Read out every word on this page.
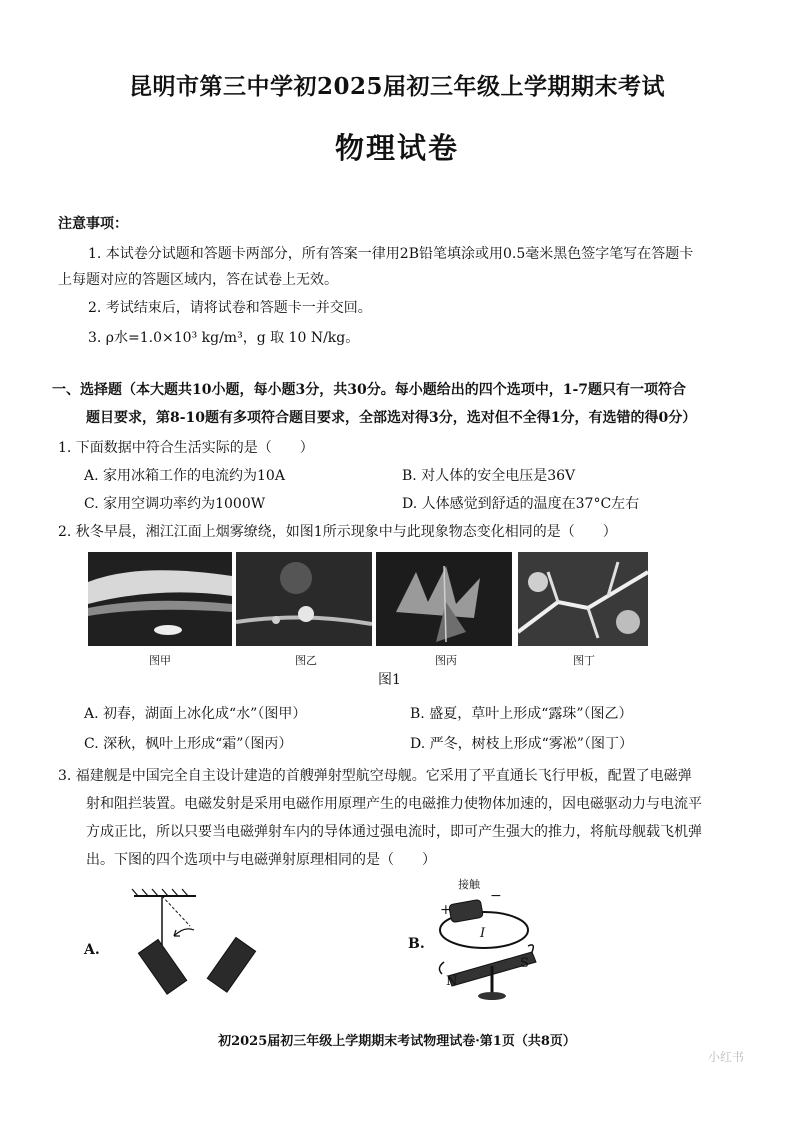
昆明市第三中学初2025届初三年级上学期期末考试
物理试卷
注意事项：
1. 本试卷分试题和答题卡两部分，所有答案一律用2B铅笔填涂或用0.5毫米黑色签字笔写在答题卡
上每题对应的答题区域内，答在试卷上无效。
2. 考试结束后，请将试卷和答题卡一并交回。
3. ρ水=1.0×10³ kg/m³，g 取 10 N/kg。
一、选择题（本大题共10小题，每小题3分，共30分。每小题给出的四个选项中，1-7题只有一项符合
题目要求，第8-10题有多项符合题目要求，全部选对得3分，选对但不全得1分，有选错的得0分）
1. 下面数据中符合生活实际的是（　　）
A. 家用冰箱工作的电流约为10A	B. 对人体的安全电压是36V
C. 家用空调功率约为1000W	D. 人体感觉到舒适的温度在37°C左右
2. 秋冬早晨，湘江江面上烟雾缭绕，如图1所示现象中与此现象物态变化相同的是（　　）
图甲	图乙	图丙	图丁
图1
A. 初春，湖面上冰化成“水”（图甲）	B. 盛夏，草叶上形成“露珠”（图乙）
C. 深秋，枫叶上形成“霜”（图丙）	D. 严冬，树枝上形成“雾凇”（图丁）
3. 福建舰是中国完全自主设计建造的首艘弹射型航空母舰。它采用了平直通长飞行甲板，配置了电磁弹
射和阻拦装置。电磁发射是采用电磁作用原理产生的电磁推力使物体加速的，因电磁驱动力与电流平
方成正比，所以只要当电磁弹射车内的导体通过强电流时，即可产生强大的推力，将航母舰载飞机弹
出。下图的四个选项中与电磁弹射原理相同的是（　　）
A.	B.
接触
−
+
I
N
S
初2025届初三年级上学期期末考试物理试卷·第1页（共8页）
小红书
